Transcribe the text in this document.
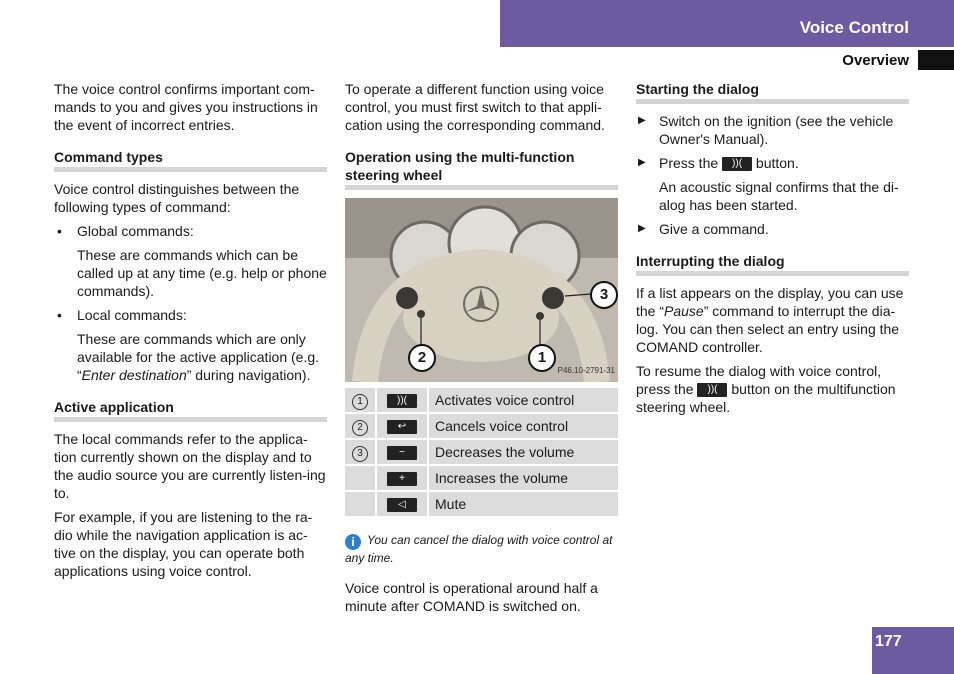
Voice Control
Overview

The voice control confirms important com-mands to you and gives you instructions in the event of incorrect entries.

Command types

Voice control distinguishes between the following types of command:

• Global commands:
These are commands which can be called up at any time (e.g. help or phone commands).
• Local commands:
These are commands which are only available for the active application (e.g. “Enter destination” during navigation).
Active application

The local commands refer to the applica-tion currently shown on the display and to the audio source you are currently listen-ing to.

For example, if you are listening to the ra-dio while the navigation application is ac-tive on the display, you can operate both applications using voice control.

To operate a different function using voice control, you must first switch to that appli-cation using the corresponding command.

Operation using the multi-function steering wheel
2	1
3
P46.10-2791-31
1	))(	Activates voice control
2	↩	Cancels voice control
3	−	Decreases the volume
	+	Increases the volume
	◁	Mute
i You can cancel the dialog with voice control at any time.

Voice control is operational around half a minute after COMAND is switched on.

Starting the dialog
▶ Switch on the ignition (see the vehicle Owner's Manual).
▶ Press the ))( button.
An acoustic signal confirms that the di-alog has been started.
▶ Give a command.
Interrupting the dialog

If a list appears on the display, you can use the “Pause” command to interrupt the dia-log. You can then select an entry using the COMAND controller.

To resume the dialog with voice control, press the ))( button on the multifunction steering wheel.

177
